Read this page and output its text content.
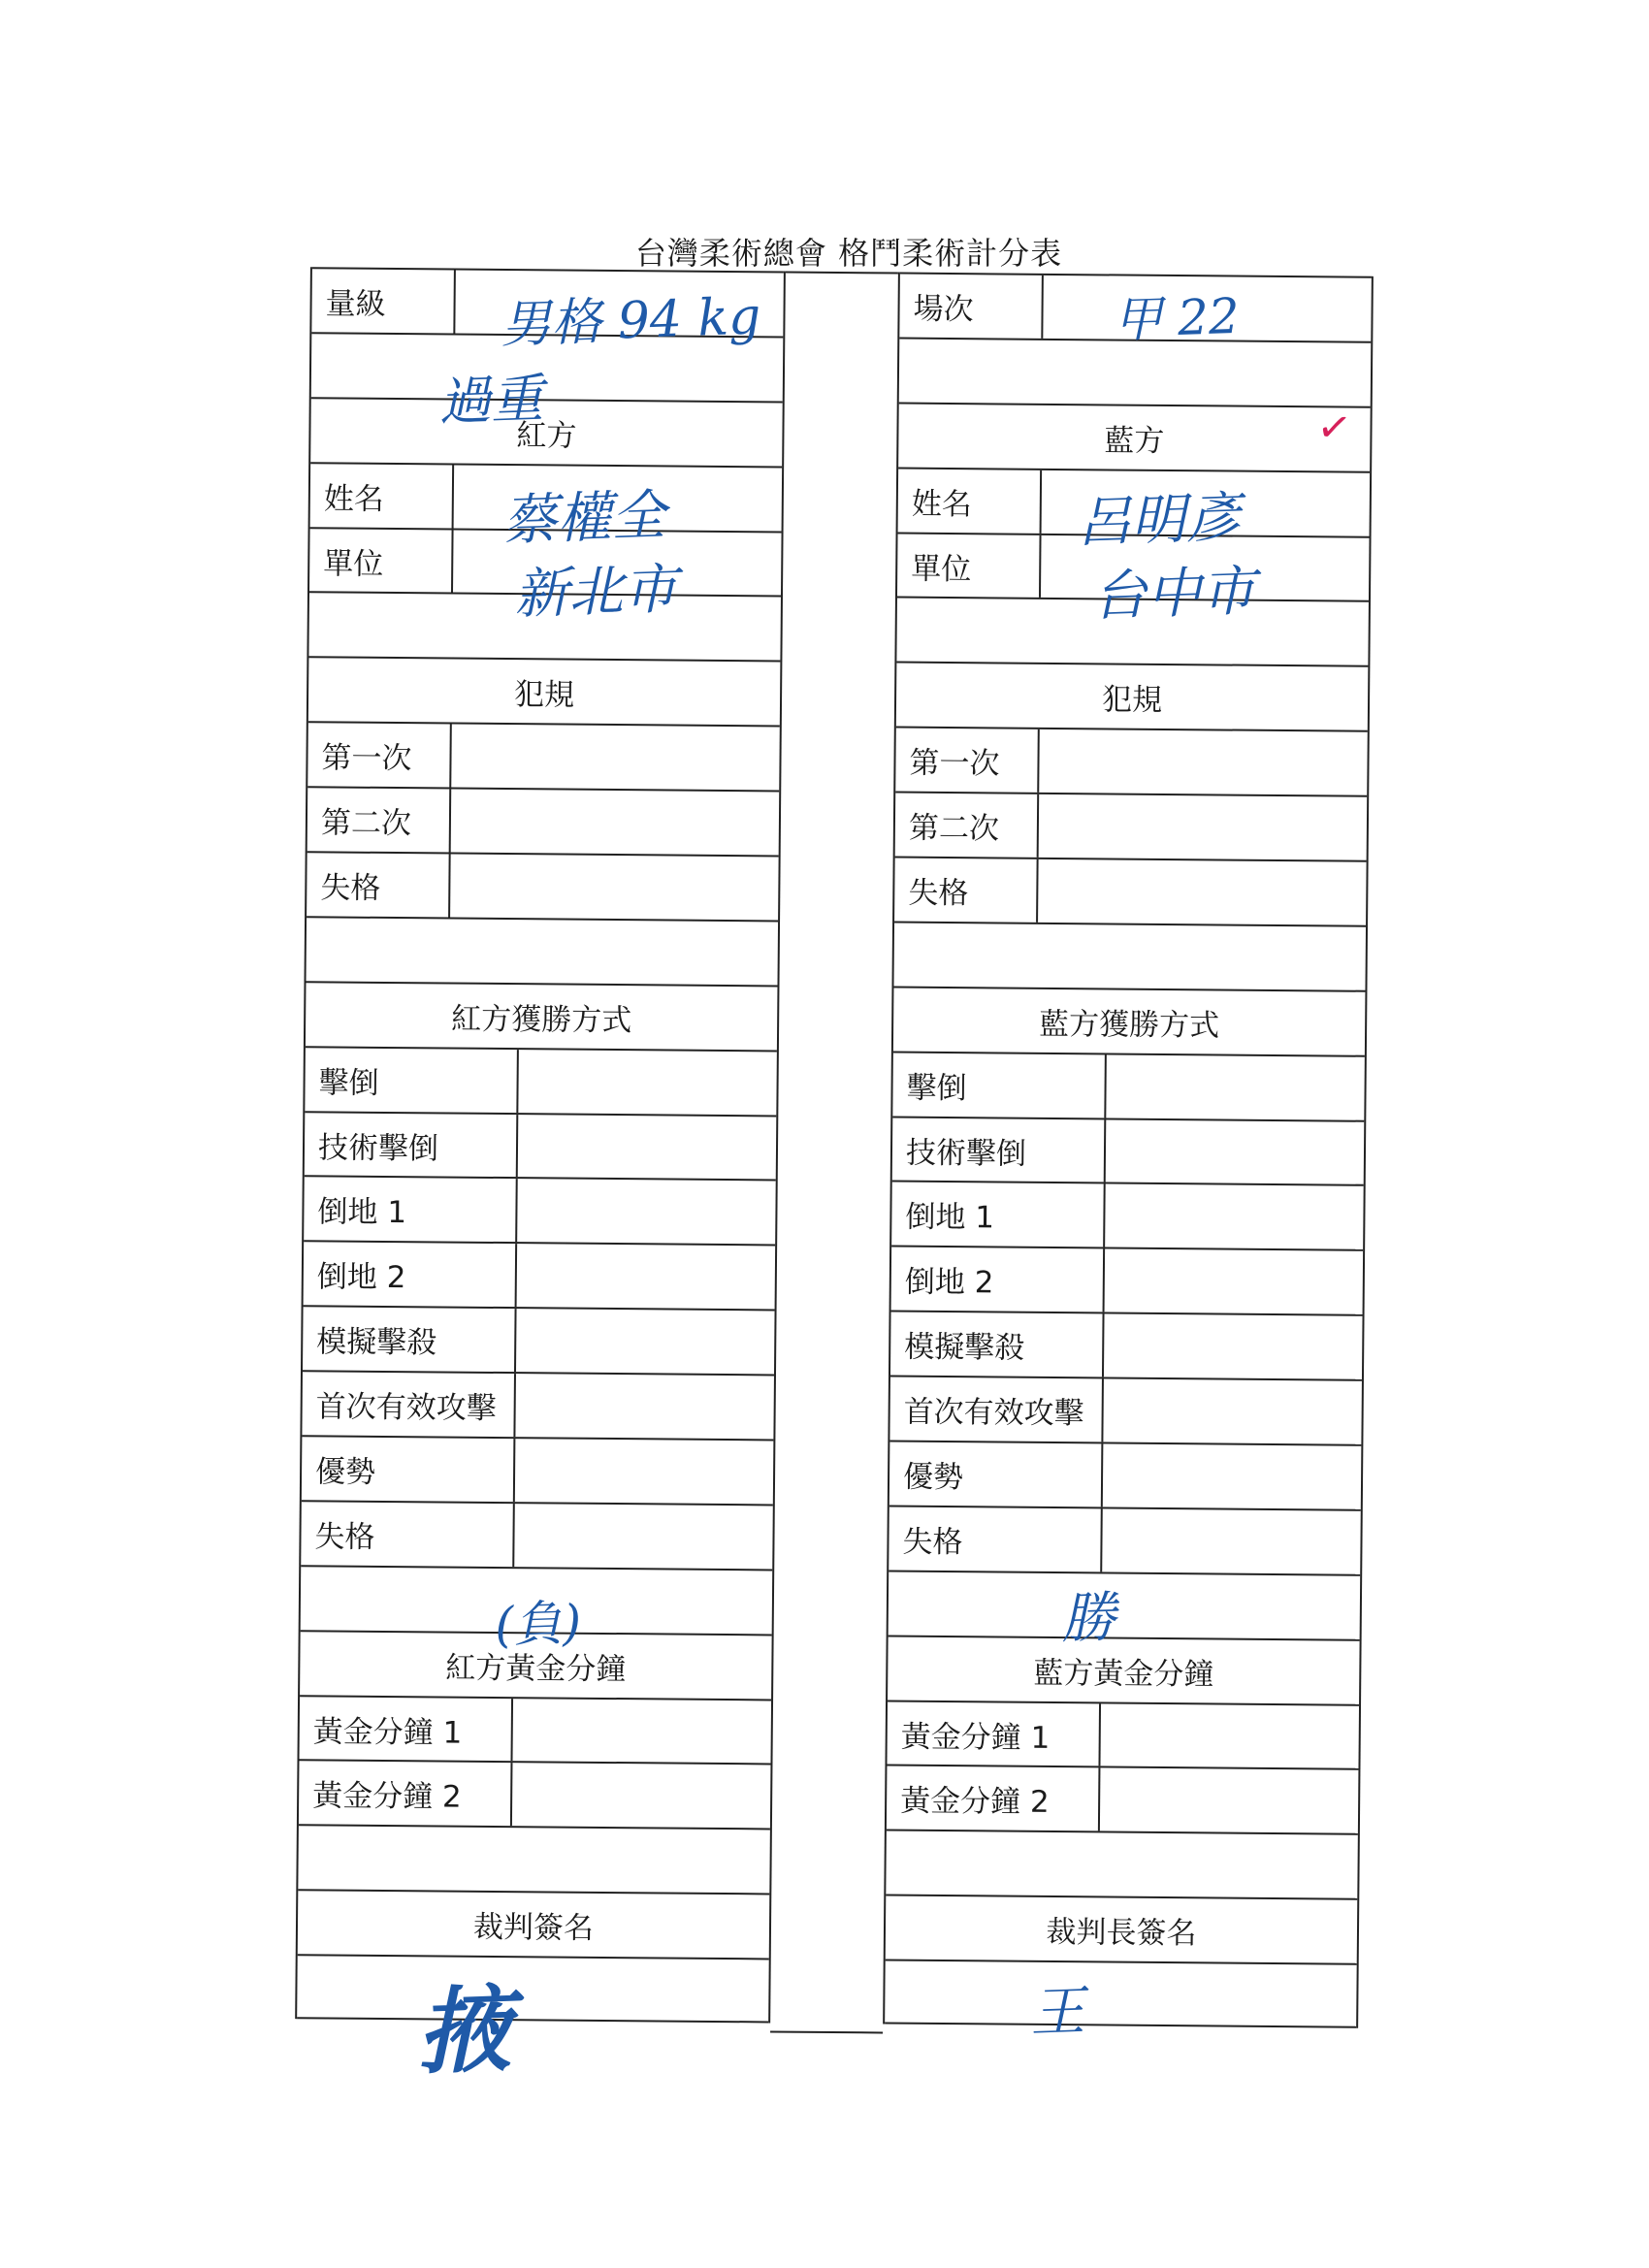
台灣柔術總會 格鬥柔術計分表
量級
紅方
姓名
單位
犯規
第一次
第二次
失格
紅方獲勝方式
擊倒
技術擊倒
倒地 1
倒地 2
模擬擊殺
首次有效攻擊
優勢
失格
紅方黃金分鐘
黃金分鐘 1
黃金分鐘 2
裁判簽名
場次
藍方
姓名
單位
犯規
第一次
第二次
失格
藍方獲勝方式
擊倒
技術擊倒
倒地 1
倒地 2
模擬擊殺
首次有效攻擊
優勢
失格
藍方黃金分鐘
黃金分鐘 1
黃金分鐘 2
裁判長簽名
男格 94 kg
過重
甲 22
✓
蔡權全
新北市
呂明彥
台中市
(負)	勝
掖	王
